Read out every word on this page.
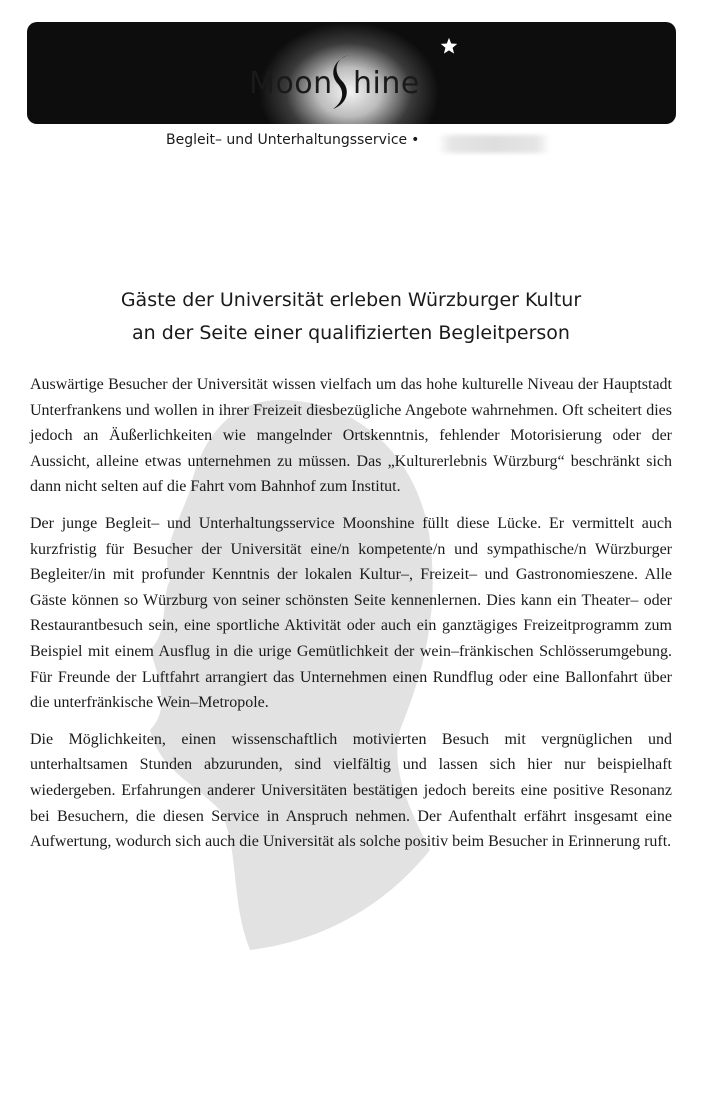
Moon hine
Begleit– und Unterhaltungsservice •
Gäste der Universität erleben Würzburger Kultur
an der Seite einer qualifizierten Begleitperson

Auswärtige Besucher der Universität wissen vielfach um das hohe kulturelle Niveau der Hauptstadt Unterfrankens und wollen in ihrer Freizeit diesbezügliche Angebote wahrnehmen. Oft scheitert dies jedoch an Äußerlichkeiten wie mangelnder Ortskenntnis, fehlender Motorisierung oder der Aussicht, alleine etwas unternehmen zu müssen. Das „Kulturerlebnis Würzburg“ beschränkt sich dann nicht selten auf die Fahrt vom Bahnhof zum Institut.

Der junge Begleit– und Unterhaltungsservice Moonshine füllt diese Lücke. Er vermittelt auch kurzfristig für Besucher der Universität eine/n kompetente/n und sympathische/n Würzburger Begleiter/in mit profunder Kenntnis der lokalen Kultur–, Freizeit– und Gastronomieszene. Alle Gäste können so Würzburg von seiner schönsten Seite kennenlernen. Dies kann ein Theater– oder Restaurantbesuch sein, eine sportliche Aktivität oder auch ein ganztägiges Freizeitprogramm zum Beispiel mit einem Ausflug in die urige Gemütlichkeit der wein–fränkischen Schlösserumgebung. Für Freunde der Luftfahrt arrangiert das Unternehmen einen Rundflug oder eine Ballonfahrt über die unterfränkische Wein–Metropole.

Die Möglichkeiten, einen wissenschaftlich motivierten Besuch mit vergnüglichen und unterhaltsamen Stunden abzurunden, sind vielfältig und lassen sich hier nur beispielhaft wiedergeben. Erfahrungen anderer Universitäten bestätigen jedoch bereits eine positive Resonanz bei Besuchern, die diesen Service in Anspruch nehmen. Der Aufenthalt erfährt insgesamt eine Aufwertung, wodurch sich auch die Universität als solche positiv beim Besucher in Erinnerung ruft.
